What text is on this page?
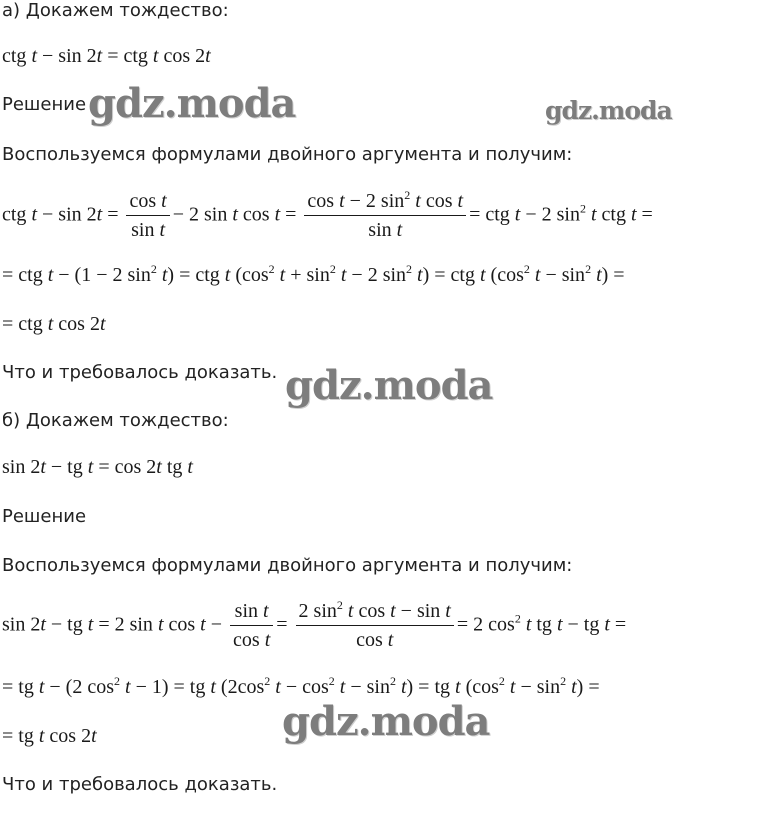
а) Докажем тождество:
ctg t − sin 2t = ctg t cos 2t
Решение
Воспользуемся формулами двойного аргумента и получим:
ctg $t - \sin 2t = \frac{\text{cos t}}{\text{sin t}} - 2$ sin t $\cos t = \frac{\cos t - 2 \sin^2 t \cos t}{\text{sin t}}$ = ctg t − 2 $\sin^2 t$ ctg t =
= ctg t − (1 − 2 $\sin^2 t$) = ctg t ($\cos^2$ $t + \sin^2 t - 2$ $\sin^2 t$) = ctg t ($\cos^2$ $t - \sin^2 t$) =
= ctg t cos 2t
Что и требовалось доказать.
б) Докажем тождество:
sin 2t − tg t = cos 2t tg t
Решение
Воспользуемся формулами двойного аргумента и получим:
sin 2t − tg t = 2 sin t $\cos t - \frac{\text{sin t}}{\text{cos t}} = \frac{2 \sin^2 t \cos t - \sin t}{\text{cos t}} = 2$ $\cos^2 t$ tg t − tg t =
= tg t − (2 $\cos^2 t - 1$) = tg t ($2\cos^2$ $t - \cos^2 t - \sin^2 t$) = tg t ($\cos^2$ $t - \sin^2 t$) =
= tg t cos 2t
Что и требовалось доказать.
gdz.moda	gdz.moda
gdz.moda
gdz.moda
